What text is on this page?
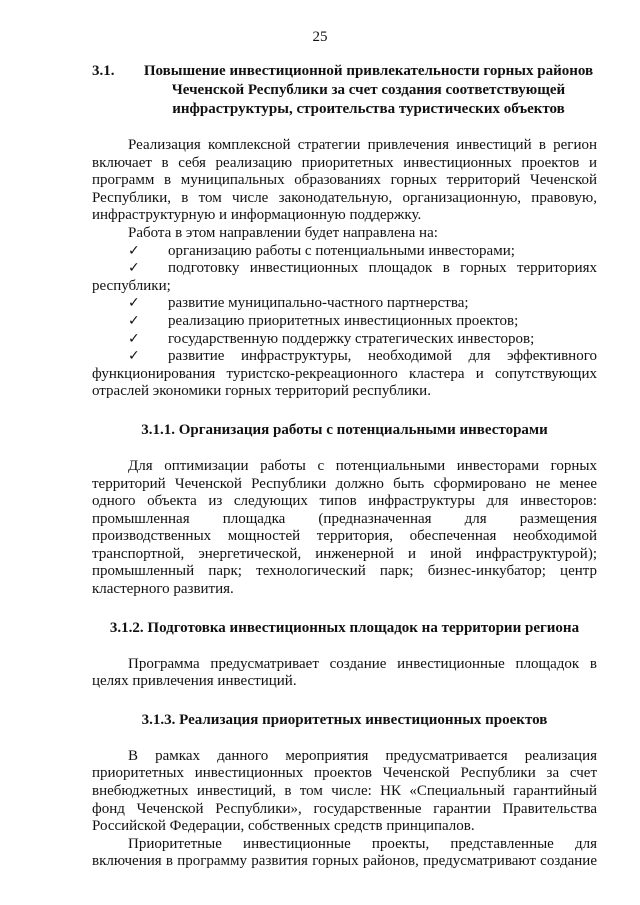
25
3.1.	Повышение инвестиционной привлекательности горных районов Чеченской Республики за счет создания соответствующей инфраструктуры, строительства туристических объектов

Реализация комплексной стратегии привлечения инвестиций в регион включает в себя реализацию приоритетных инвестиционных проектов и программ в муниципальных образованиях горных территорий Чеченской Республики, в том числе законодательную, организационную, правовую, инфраструктурную и информационную поддержку.

Работа в этом направлении будет направлена на:

✓ организацию работы с потенциальными инвесторами;
✓ подготовку инвестиционных площадок в горных территориях республики;
✓ развитие муниципально-частного партнерства;
✓ реализацию приоритетных инвестиционных проектов;
✓ государственную поддержку стратегических инвесторов;
✓ развитие инфраструктуры, необходимой для эффективного функционирования туристско-рекреационного кластера и сопутствующих отраслей экономики горных территорий республики.
3.1.1. Организация работы с потенциальными инвесторами

Для оптимизации работы с потенциальными инвесторами горных территорий Чеченской Республики должно быть сформировано не менее одного объекта из следующих типов инфраструктуры для инвесторов: промышленная площадка (предназначенная для размещения производственных мощностей территория, обеспеченная необходимой транспортной, энергетической, инженерной и иной инфраструктурой); промышленный парк; технологический парк; бизнес-инкубатор; центр кластерного развития.

3.1.2. Подготовка инвестиционных площадок на территории региона

Программа предусматривает создание инвестиционные площадок в целях привлечения инвестиций.

3.1.3. Реализация приоритетных инвестиционных проектов

В рамках данного мероприятия предусматривается реализация приоритетных инвестиционных проектов Чеченской Республики за счет внебюджетных инвестиций, в том числе: НК «Специальный гарантийный фонд Чеченской Республики», государственные гарантии Правительства Российской Федерации, собственных средств принципалов.

Приоритетные инвестиционные проекты, представленные для включения в программу развития горных районов, предусматривают создание
